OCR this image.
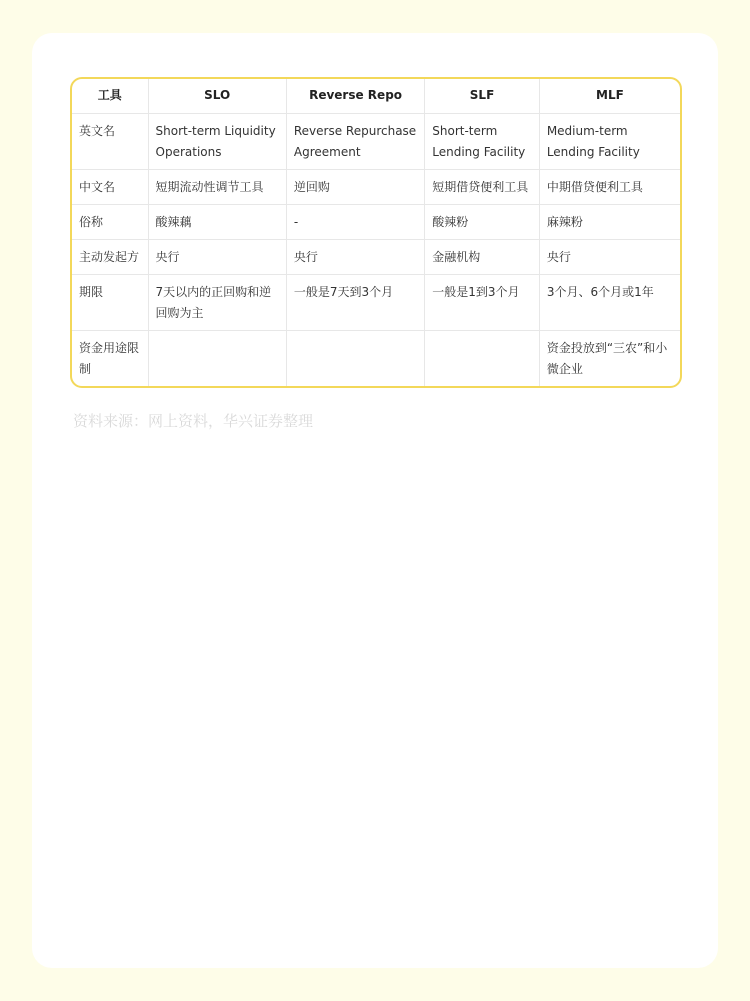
工具	SLO	Reverse Repo	SLF	MLF
英文名	Short-term Liquidity Operations	Reverse Repurchase Agreement	Short-term Lending Facility	Medium-term Lending Facility
中文名	短期流动性调节工具	逆回购	短期借贷便利工具	中期借贷便利工具
俗称	酸辣藕	-	酸辣粉	麻辣粉
主动发起方	央行	央行	金融机构	央行
期限	7天以内的正回购和逆回购为主	一般是7天到3个月	一般是1到3个月	3个月、6个月或1年
资金用途限制				资金投放到“三农”和小微企业
资料来源：网上资料，华兴证券整理
